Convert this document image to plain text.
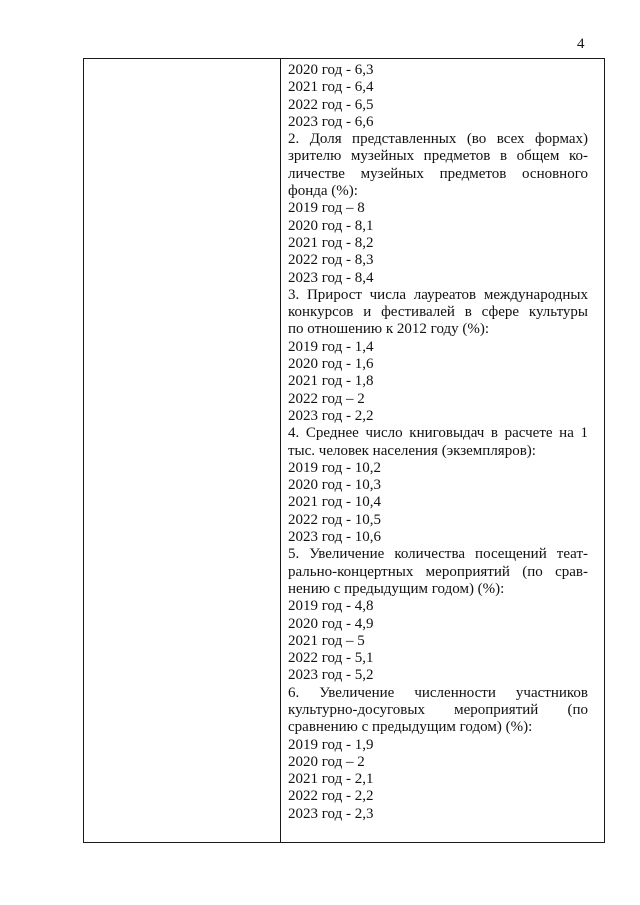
4
2020 год - 6,3
2021 год - 6,4
2022 год - 6,5
2023 год - 6,6
2. Доля представленных (во всех формах)
зрителю музейных предметов в общем ко-
личестве музейных предметов основного
фонда (%):
2019 год – 8
2020 год - 8,1
2021 год - 8,2
2022 год - 8,3
2023 год - 8,4
3. Прирост числа лауреатов международных
конкурсов и фестивалей в сфере культуры
по отношению к 2012 году (%):
2019 год - 1,4
2020 год - 1,6
2021 год - 1,8
2022 год – 2
2023 год - 2,2
4. Среднее число книговыдач в расчете на 1
тыс. человек населения (экземпляров):
2019 год - 10,2
2020 год - 10,3
2021 год - 10,4
2022 год - 10,5
2023 год - 10,6
5. Увеличение количества посещений теат-
рально-концертных мероприятий (по срав-
нению с предыдущим годом) (%):
2019 год - 4,8
2020 год - 4,9
2021 год – 5
2022 год - 5,1
2023 год - 5,2
6. Увеличение численности участников
культурно-досуговых мероприятий (по
сравнению с предыдущим годом) (%):
2019 год - 1,9
2020 год – 2
2021 год - 2,1
2022 год - 2,2
2023 год - 2,3
